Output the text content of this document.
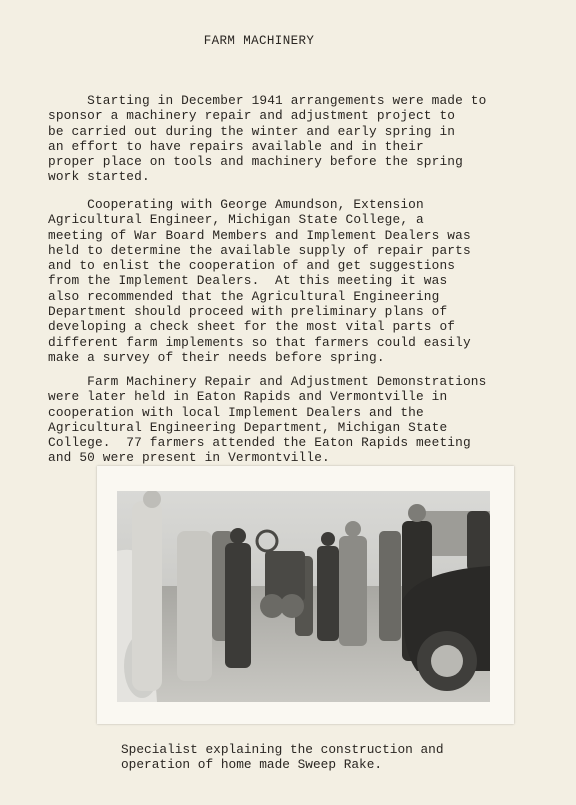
FARM MACHINERY

Starting in December 1941 arrangements were made to
sponsor a machinery repair and adjustment project to
be carried out during the winter and early spring in
an effort to have repairs available and in their
proper place on tools and machinery before the spring
work started.

Cooperating with George Amundson, Extension
Agricultural Engineer, Michigan State College, a
meeting of War Board Members and Implement Dealers was
held to determine the available supply of repair parts
and to enlist the cooperation of and get suggestions
from the Implement Dealers.  At this meeting it was
also recommended that the Agricultural Engineering
Department should proceed with preliminary plans of
developing a check sheet for the most vital parts of
different farm implements so that farmers could easily
make a survey of their needs before spring.

Farm Machinery Repair and Adjustment Demonstrations
were later held in Eaton Rapids and Vermontville in
cooperation with local Implement Dealers and the
Agricultural Engineering Department, Michigan State
College.  77 farmers attended the Eaton Rapids meeting
and 50 were present in Vermontville.

Specialist explaining the construction and
operation of home made Sweep Rake.
